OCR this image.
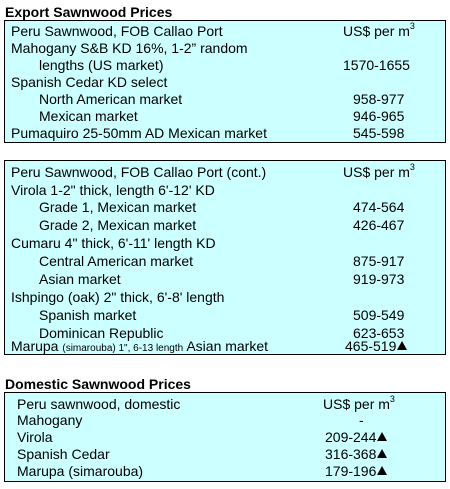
Export Sawnwood Prices
Peru Sawnwood, FOB Callao Port	US$ per $m^3$
Mahogany S&B KD 16%, 1-2” random
lengths (US market)	1570-1655
Spanish Cedar KD select
North American market	958-977
Mexican market	946-965
Pumaquiro 25-50mm AD Mexican market	545-598
Peru Sawnwood, FOB Callao Port (cont.)	US$ per $m^3$
Virola 1-2" thick, length 6'-12' KD
Grade 1, Mexican market	474-564
Grade 2, Mexican market	426-467
Cumaru 4" thick, 6'-11' length KD
Central American market	875-917
Asian market	919-973
Ishpingo (oak) 2" thick, 6'-8' length
Spanish market	509-549
Dominican Republic	623-653
Marupa (simarouba) 1", 6-13 length Asian market	465-519
Domestic Sawnwood Prices
Peru sawnwood, domestic	US$ per $m^3$
Mahogany	-
Virola	209-244
Spanish Cedar	316-368
Marupa (simarouba)	179-196
